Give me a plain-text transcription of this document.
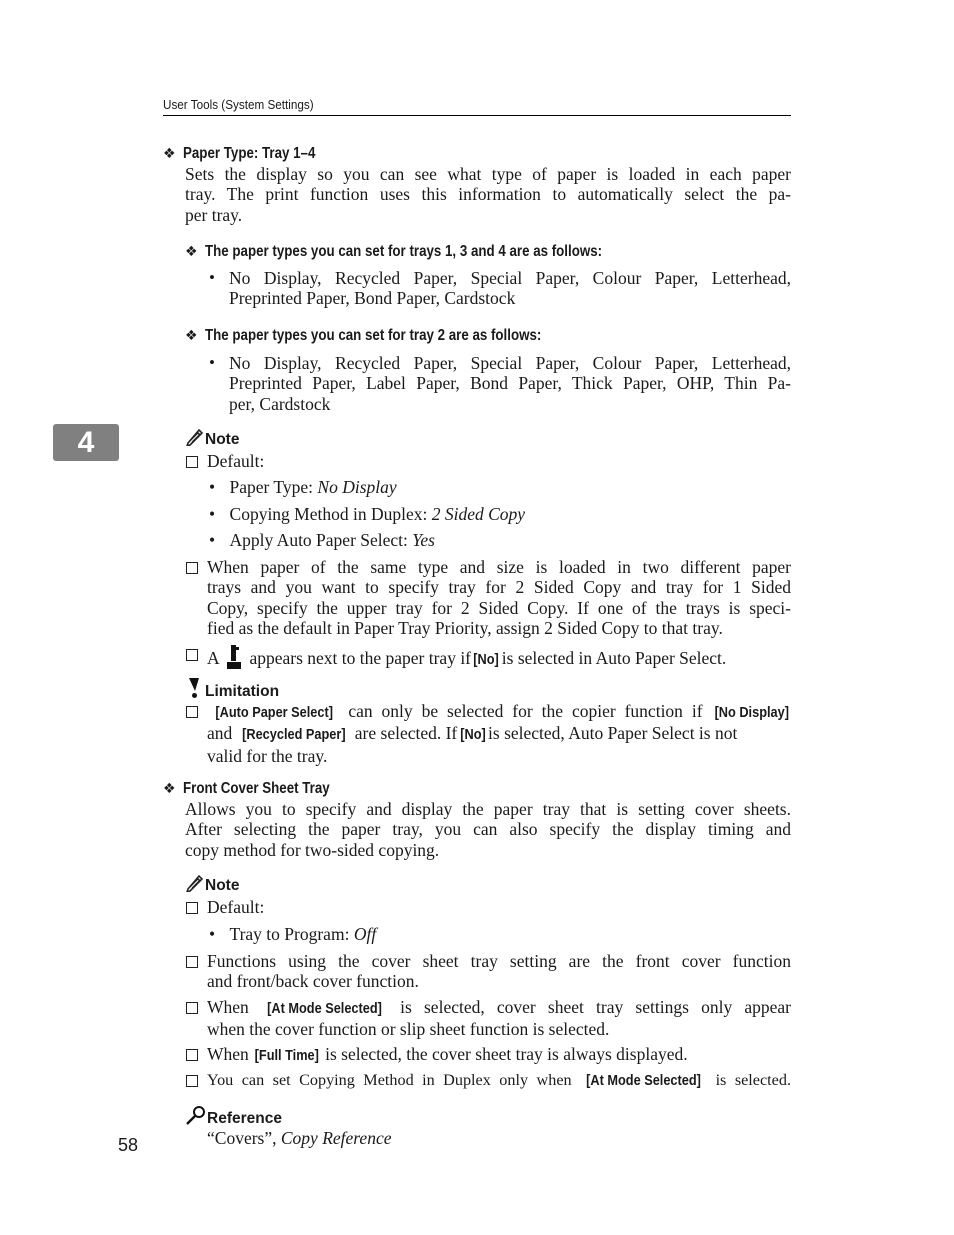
User Tools (System Settings)
4
❖ Paper Type: Tray 1–4
Sets the display so you can see what type of paper is loaded in each paper
tray. The print function uses this information to automatically select the pa-
per tray.
❖ The paper types you can set for trays 1, 3 and 4 are as follows:
• No Display, Recycled Paper, Special Paper, Colour Paper, Letterhead,
Preprinted Paper, Bond Paper, Cardstock
❖ The paper types you can set for tray 2 are as follows:
• No Display, Recycled Paper, Special Paper, Colour Paper, Letterhead,
Preprinted Paper, Label Paper, Bond Paper, Thick Paper, OHP, Thin Pa-
per, Cardstock
Note
Default:
• Paper Type: No Display
• Copying Method in Duplex: 2 Sided Copy
• Apply Auto Paper Select: Yes
When paper of the same type and size is loaded in two different paper
trays and you want to specify tray for 2 Sided Copy and tray for 1 Sided
Copy, specify the upper tray for 2 Sided Copy. If one of the trays is speci-
fied as the default in Paper Tray Priority, assign 2 Sided Copy to that tray.
A appears next to the paper tray if [No] is selected in Auto Paper Select.
Limitation
[Auto Paper Select] can only be selected for the copier function if [No Display]
and [Recycled Paper] are selected. If [No] is selected, Auto Paper Select is not
valid for the tray.
❖ Front Cover Sheet Tray
Allows you to specify and display the paper tray that is setting cover sheets.
After selecting the paper tray, you can also specify the display timing and
copy method for two-sided copying.
Note
Default:
• Tray to Program: Off
Functions using the cover sheet tray setting are the front cover function
and front/back cover function.
When [At Mode Selected] is selected, cover sheet tray settings only appear
when the cover function or slip sheet function is selected.
When [Full Time] is selected, the cover sheet tray is always displayed.
You can set Copying Method in Duplex only when [At Mode Selected] is selected.
Reference
“Covers”, Copy Reference
58
